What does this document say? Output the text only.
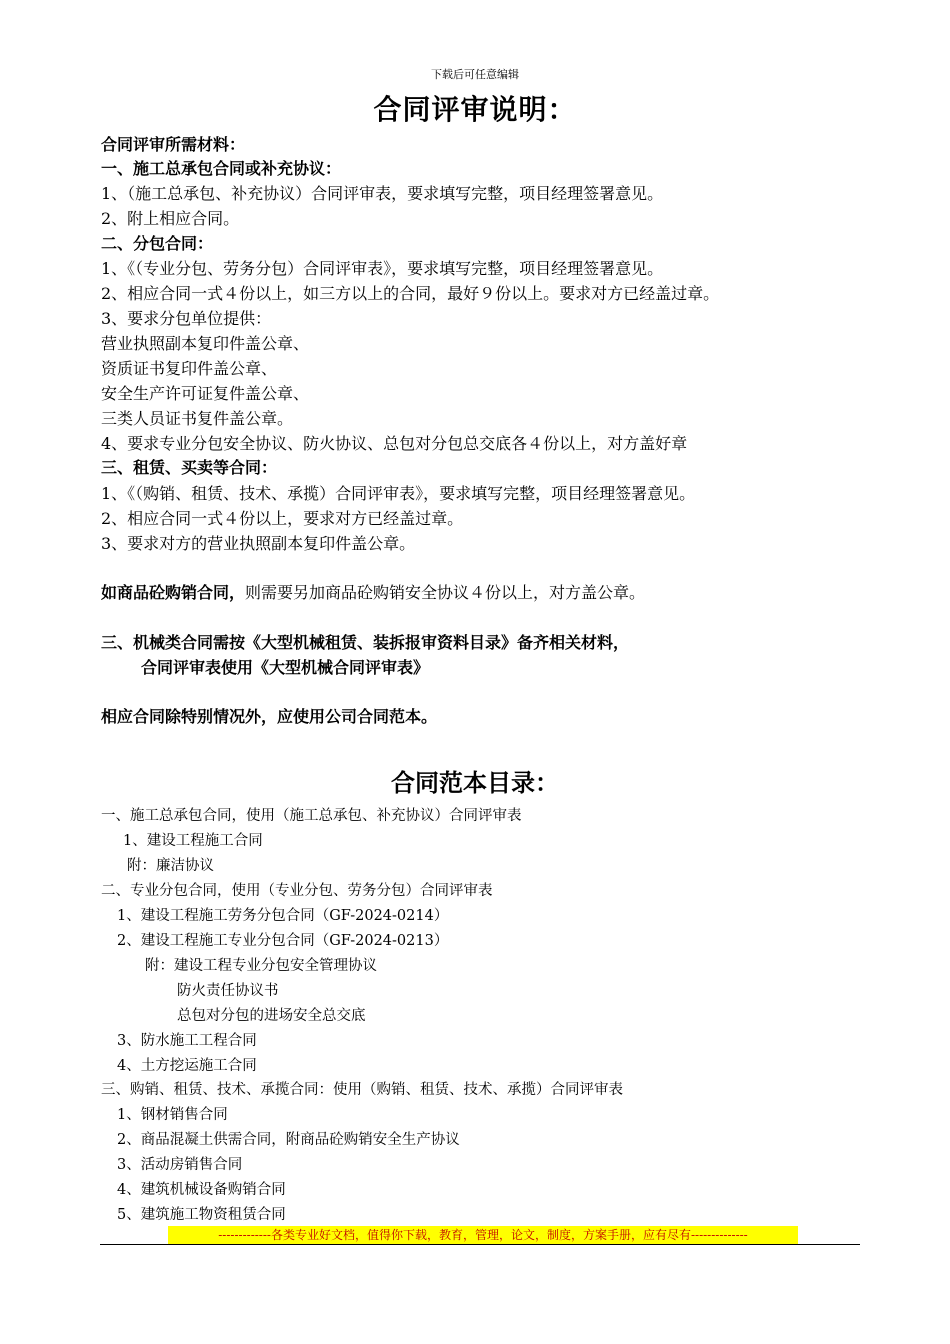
下载后可任意编辑
合同评审说明：
合同评审所需材料：
一、施工总承包合同或补充协议：
1、（施工总承包、补充协议）合同评审表，要求填写完整，项目经理签署意见。
2、附上相应合同。
二、分包合同：
1、《（专业分包、劳务分包）合同评审表》，要求填写完整，项目经理签署意见。
2、相应合同一式４份以上，如三方以上的合同，最好９份以上。要求对方已经盖过章。
3、要求分包单位提供：
营业执照副本复印件盖公章、
资质证书复印件盖公章、
安全生产许可证复件盖公章、
三类人员证书复件盖公章。
4、要求专业分包安全协议、防火协议、总包对分包总交底各４份以上，对方盖好章
三、租赁、买卖等合同：
1、《（购销、租赁、技术、承揽）合同评审表》，要求填写完整，项目经理签署意见。
2、相应合同一式４份以上，要求对方已经盖过章。
3、要求对方的营业执照副本复印件盖公章。
如商品砼购销合同，则需要另加商品砼购销安全协议４份以上，对方盖公章。
三、机械类合同需按《大型机械租赁、装拆报审资料目录》备齐相关材料，
合同评审表使用《大型机械合同评审表》
相应合同除特别情况外，应使用公司合同范本。
合同范本目录：
一、施工总承包合同，使用（施工总承包、补充协议）合同评审表
1、建设工程施工合同
附：廉洁协议
二、专业分包合同，使用（专业分包、劳务分包）合同评审表
1、建设工程施工劳务分包合同（GF-2024-0214）
2、建设工程施工专业分包合同（GF-2024-0213）
附：建设工程专业分包安全管理协议
防火责任协议书
总包对分包的进场安全总交底
3、防水施工工程合同
4、土方挖运施工合同
三、购销、租赁、技术、承揽合同：使用（购销、租赁、技术、承揽）合同评审表
1、钢材销售合同
2、商品混凝土供需合同，附商品砼购销安全生产协议
3、活动房销售合同
4、建筑机械设备购销合同
5、建筑施工物资租赁合同
-------------各类专业好文档，值得你下载，教育，管理，论文，制度，方案手册，应有尽有--------------
